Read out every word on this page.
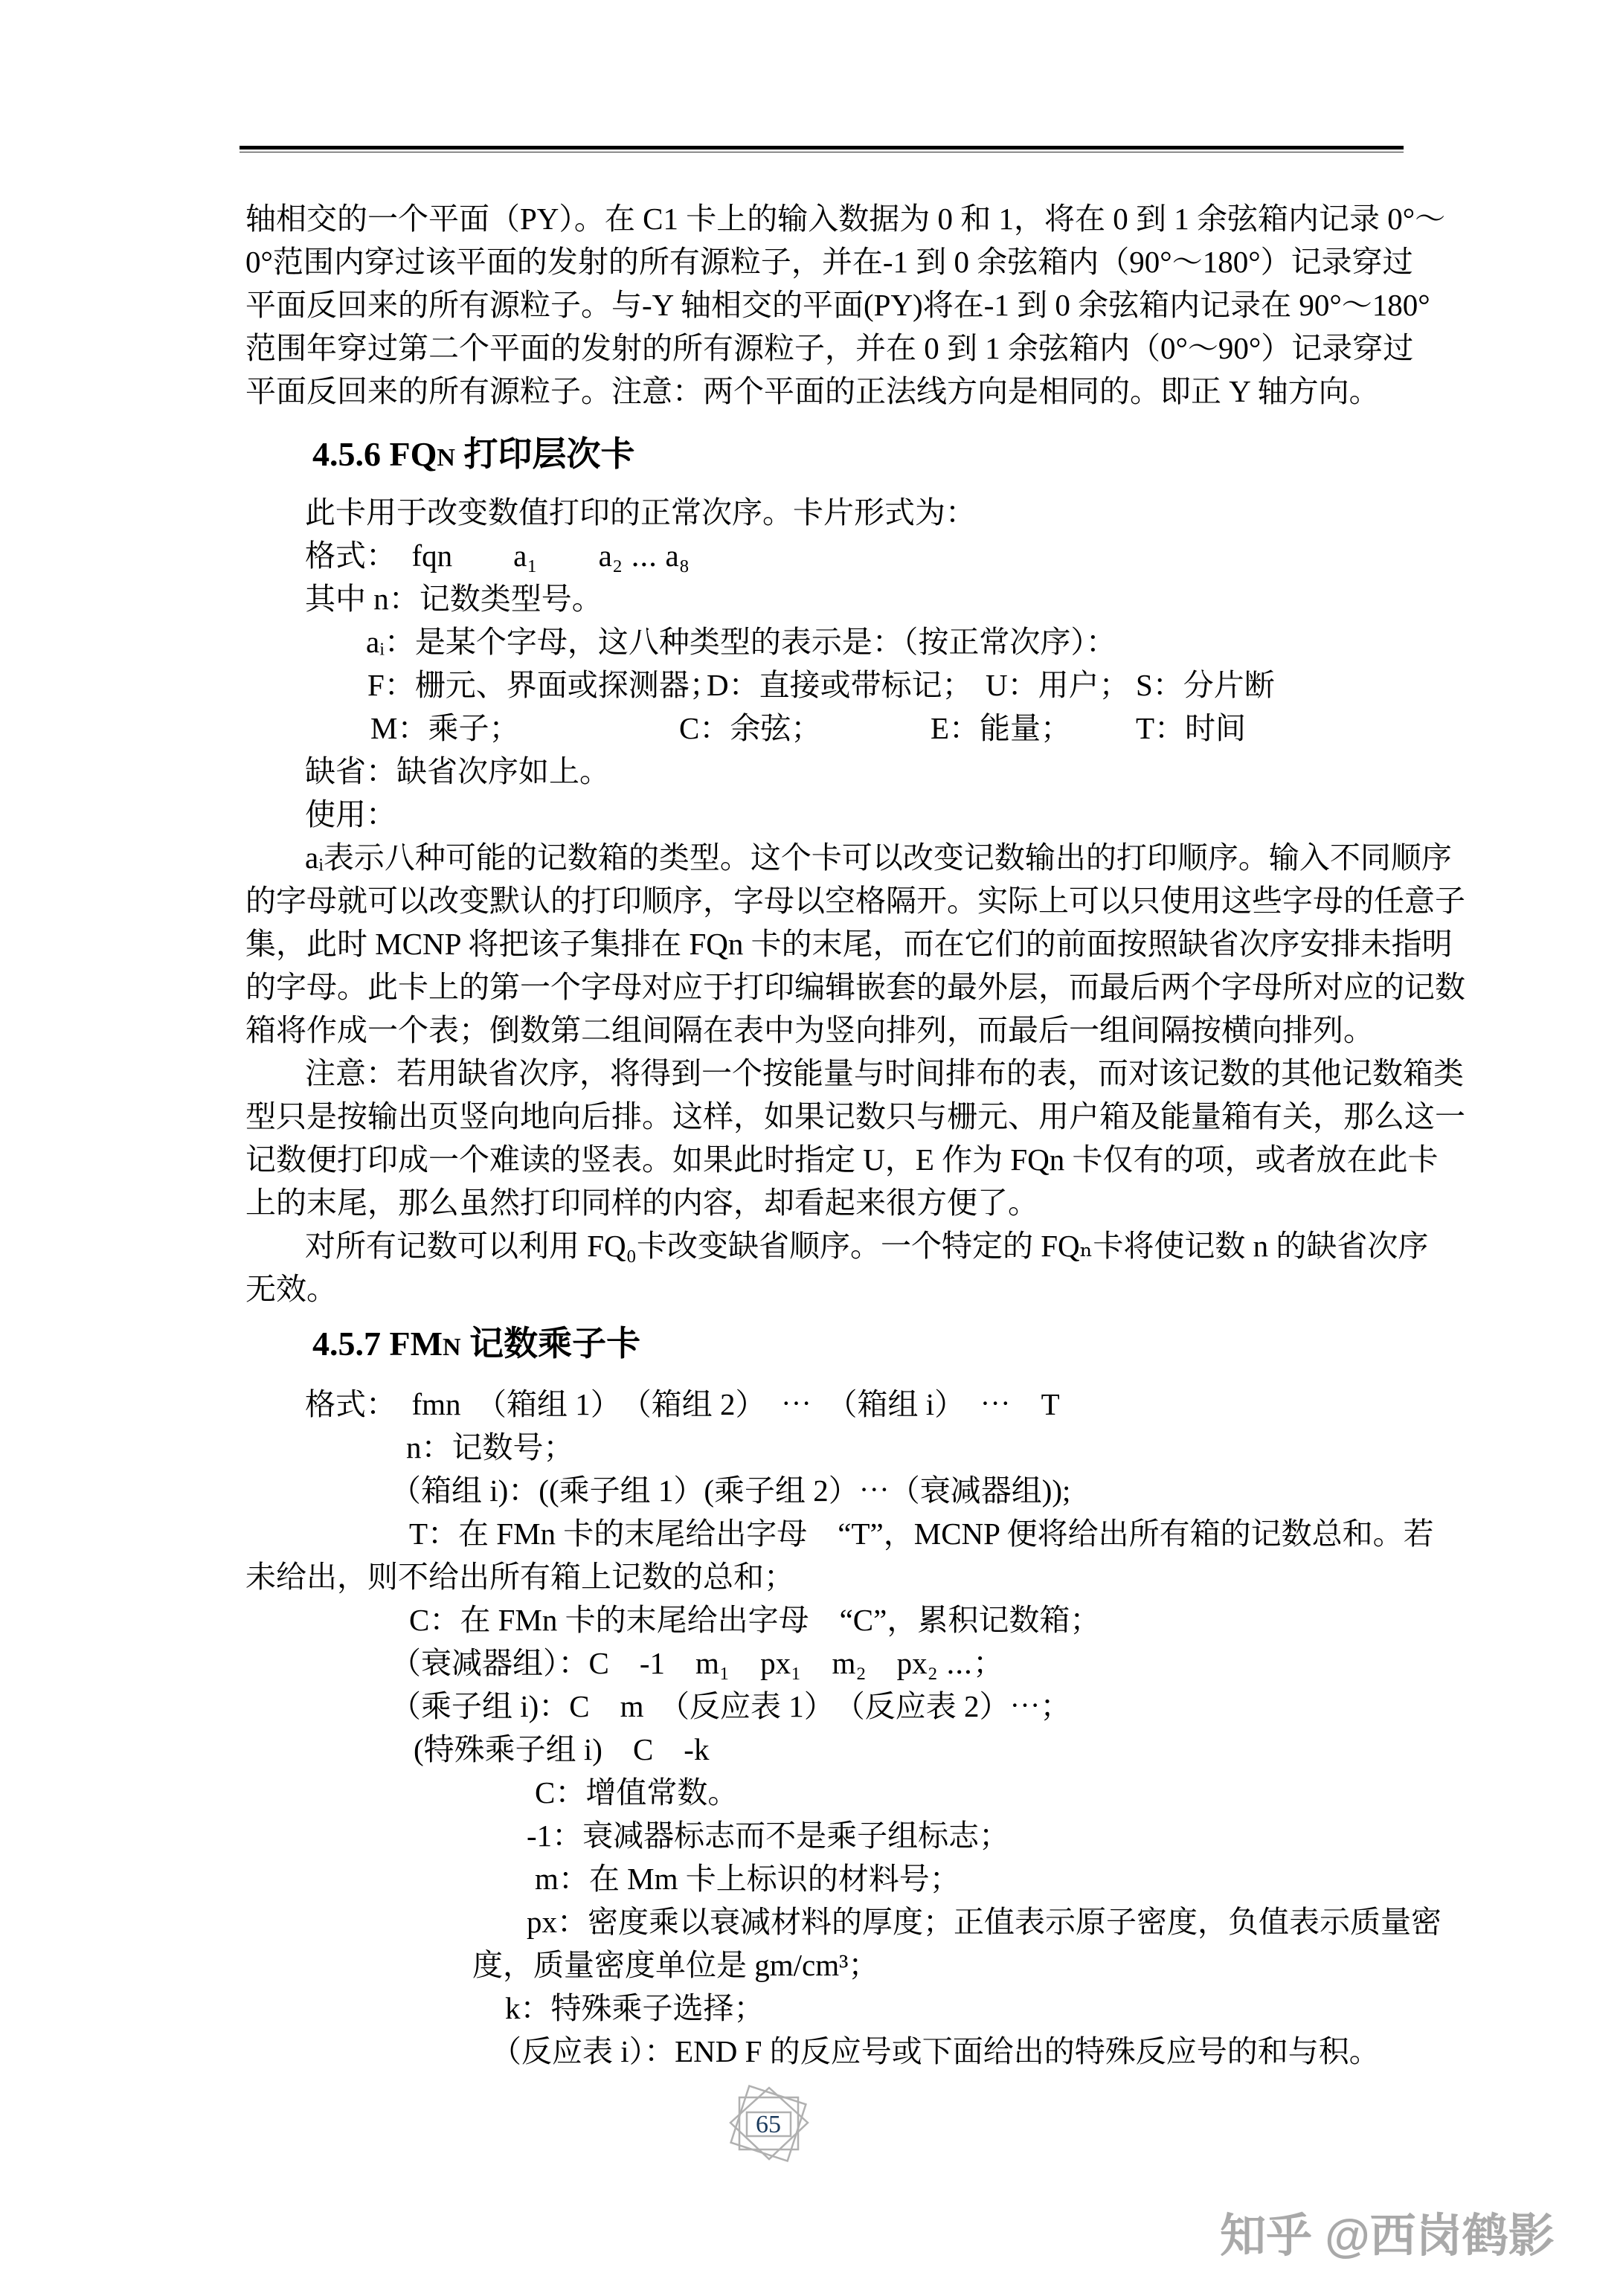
轴相交的一个平面（PY）。在 C1 卡上的输入数据为 0 和 1，将在 0 到 1 余弦箱内记录 0°～
0°范围内穿过该平面的发射的所有源粒子，并在-1 到 0 余弦箱内（90°～180°）记录穿过
平面反回来的所有源粒子。与-Y 轴相交的平面(PY)将在-1 到 0 余弦箱内记录在 90°～180°
范围年穿过第二个平面的发射的所有源粒子，并在 0 到 1 余弦箱内（0°～90°）记录穿过
平面反回来的所有源粒子。注意：两个平面的正法线方向是相同的。即正 Y 轴方向。
4.5.6 FQN 打印层次卡
此卡用于改变数值打印的正常次序。卡片形式为：
格式：　fqn　　a₁　　a₂ ⋯ a₈
其中 n：记数类型号。
aᵢ：是某个字母，这八种类型的表示是：（按正常次序）：
F：栅元、界面或探测器；
D：直接或带标记； U：用户； S：分片断
M：乘子；	C：余弦；	E：能量； T：时间
缺省：缺省次序如上。
使用：
aᵢ表示八种可能的记数箱的类型。这个卡可以改变记数输出的打印顺序。输入不同顺序
的字母就可以改变默认的打印顺序，字母以空格隔开。实际上可以只使用这些字母的任意子
集，此时 MCNP 将把该子集排在 FQn 卡的末尾，而在它们的前面按照缺省次序安排未指明
的字母。此卡上的第一个字母对应于打印编辑嵌套的最外层，而最后两个字母所对应的记数
箱将作成一个表；倒数第二组间隔在表中为竖向排列，而最后一组间隔按横向排列。
注意：若用缺省次序，将得到一个按能量与时间排布的表，而对该记数的其他记数箱类
型只是按输出页竖向地向后排。这样，如果记数只与栅元、用户箱及能量箱有关，那么这一
记数便打印成一个难读的竖表。如果此时指定 U，E 作为 FQn 卡仅有的项，或者放在此卡
上的末尾，那么虽然打印同样的内容，却看起来很方便了。
对所有记数可以利用 FQ₀卡改变缺省顺序。一个特定的 FQₙ卡将使记数 n 的缺省次序
无效。
4.5.7 FMN 记数乘子卡
格式：　fmn　（箱组 1）　（箱组 2）　⋯　（箱组 i）　⋯　T
n：记数号；
（箱组 i)：((乘子组 1）(乘子组 2）⋯（衰减器组));
T：在 FMn 卡的末尾给出字母　“T”，MCNP 便将给出所有箱的记数总和。若
未给出，则不给出所有箱上记数的总和；
C：在 FMn 卡的末尾给出字母　“C”，累积记数箱；
（衰减器组）：C　-1　m₁　px₁　m₂　px₂ ⋯；
（乘子组 i)：C　m　（反应表 1）　（反应表 2）⋯；
(特殊乘子组 i)　C　-k
C：增值常数。
-1：衰减器标志而不是乘子组标志；
m：在 Mm 卡上标识的材料号；
px：密度乘以衰减材料的厚度；正值表示原子密度，负值表示质量密
度，质量密度单位是 gm/cm³；
k：特殊乘子选择；
（反应表 i）：END F 的反应号或下面给出的特殊反应号的和与积。
65
知乎 @西岗鹤影
